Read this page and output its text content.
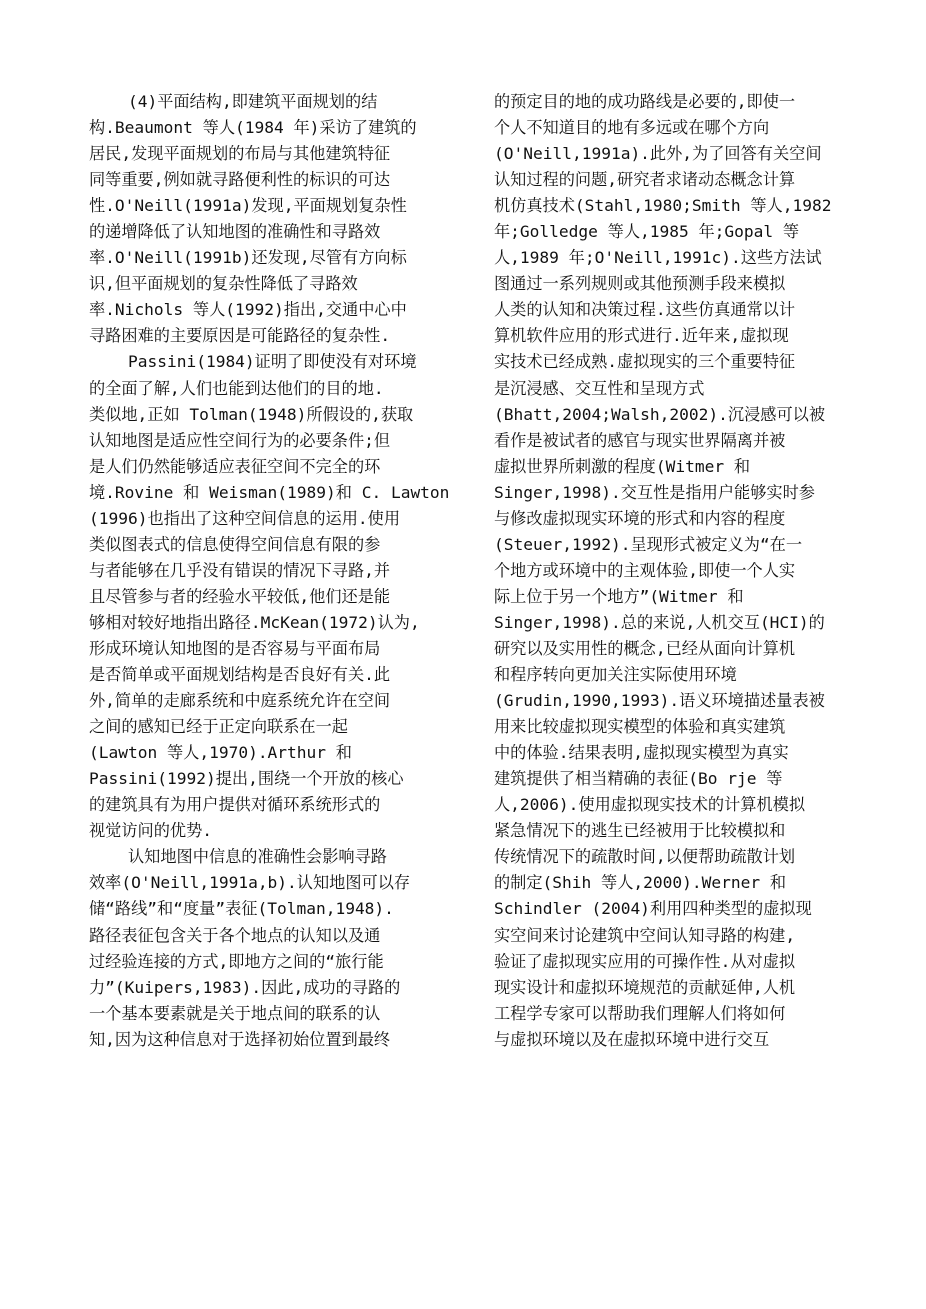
(4)平面结构,即建筑平面规划的结
构.Beaumont 等人(1984 年)采访了建筑的
居民,发现平面规划的布局与其他建筑特征
同等重要,例如就寻路便利性的标识的可达
性.O'Neill(1991a)发现,平面规划复杂性
的递增降低了认知地图的准确性和寻路效
率.O'Neill(1991b)还发现,尽管有方向标
识,但平面规划的复杂性降低了寻路效
率.Nichols 等人(1992)指出,交通中心中
寻路困难的主要原因是可能路径的复杂性.
Passini(1984)证明了即使没有对环境
的全面了解,人们也能到达他们的目的地.
类似地,正如 Tolman(1948)所假设的,获取
认知地图是适应性空间行为的必要条件;但
是人们仍然能够适应表征空间不完全的环
境.Rovine 和 Weisman(1989)和 C. Lawton
(1996)也指出了这种空间信息的运用.使用
类似图表式的信息使得空间信息有限的参
与者能够在几乎没有错误的情况下寻路,并
且尽管参与者的经验水平较低,他们还是能
够相对较好地指出路径.McKean(1972)认为,
形成环境认知地图的是否容易与平面布局
是否简单或平面规划结构是否良好有关.此
外,简单的走廊系统和中庭系统允许在空间
之间的感知已经于正定向联系在一起
(Lawton 等人,1970).Arthur 和
Passini(1992)提出,围绕一个开放的核心
的建筑具有为用户提供对循环系统形式的
视觉访问的优势.
认知地图中信息的准确性会影响寻路
效率(O'Neill,1991a,b).认知地图可以存
储“路线”和“度量”表征(Tolman,1948).
路径表征包含关于各个地点的认知以及通
过经验连接的方式,即地方之间的“旅行能
力”(Kuipers,1983).因此,成功的寻路的
一个基本要素就是关于地点间的联系的认
知,因为这种信息对于选择初始位置到最终
的预定目的地的成功路线是必要的,即使一
个人不知道目的地有多远或在哪个方向
(O'Neill,1991a).此外,为了回答有关空间
认知过程的问题,研究者求诸动态概念计算
机仿真技术(Stahl,1980;Smith 等人,1982
年;Golledge 等人,1985 年;Gopal 等
人,1989 年;O'Neill,1991c).这些方法试
图通过一系列规则或其他预测手段来模拟
人类的认知和决策过程.这些仿真通常以计
算机软件应用的形式进行.近年来,虚拟现
实技术已经成熟.虚拟现实的三个重要特征
是沉浸感、交互性和呈现方式
(Bhatt,2004;Walsh,2002).沉浸感可以被
看作是被试者的感官与现实世界隔离并被
虚拟世界所刺激的程度(Witmer 和
Singer,1998).交互性是指用户能够实时参
与修改虚拟现实环境的形式和内容的程度
(Steuer,1992).呈现形式被定义为“在一
个地方或环境中的主观体验,即使一个人实
际上位于另一个地方”(Witmer 和
Singer,1998).总的来说,人机交互(HCI)的
研究以及实用性的概念,已经从面向计算机
和程序转向更加关注实际使用环境
(Grudin,1990,1993).语义环境描述量表被
用来比较虚拟现实模型的体验和真实建筑
中的体验.结果表明,虚拟现实模型为真实
建筑提供了相当精确的表征(Bo rje 等
人,2006).使用虚拟现实技术的计算机模拟
紧急情况下的逃生已经被用于比较模拟和
传统情况下的疏散时间,以便帮助疏散计划
的制定(Shih 等人,2000).Werner 和
Schindler (2004)利用四种类型的虚拟现
实空间来讨论建筑中空间认知寻路的构建,
验证了虚拟现实应用的可操作性.从对虚拟
现实设计和虚拟环境规范的贡献延伸,人机
工程学专家可以帮助我们理解人们将如何
与虚拟环境以及在虚拟环境中进行交互
